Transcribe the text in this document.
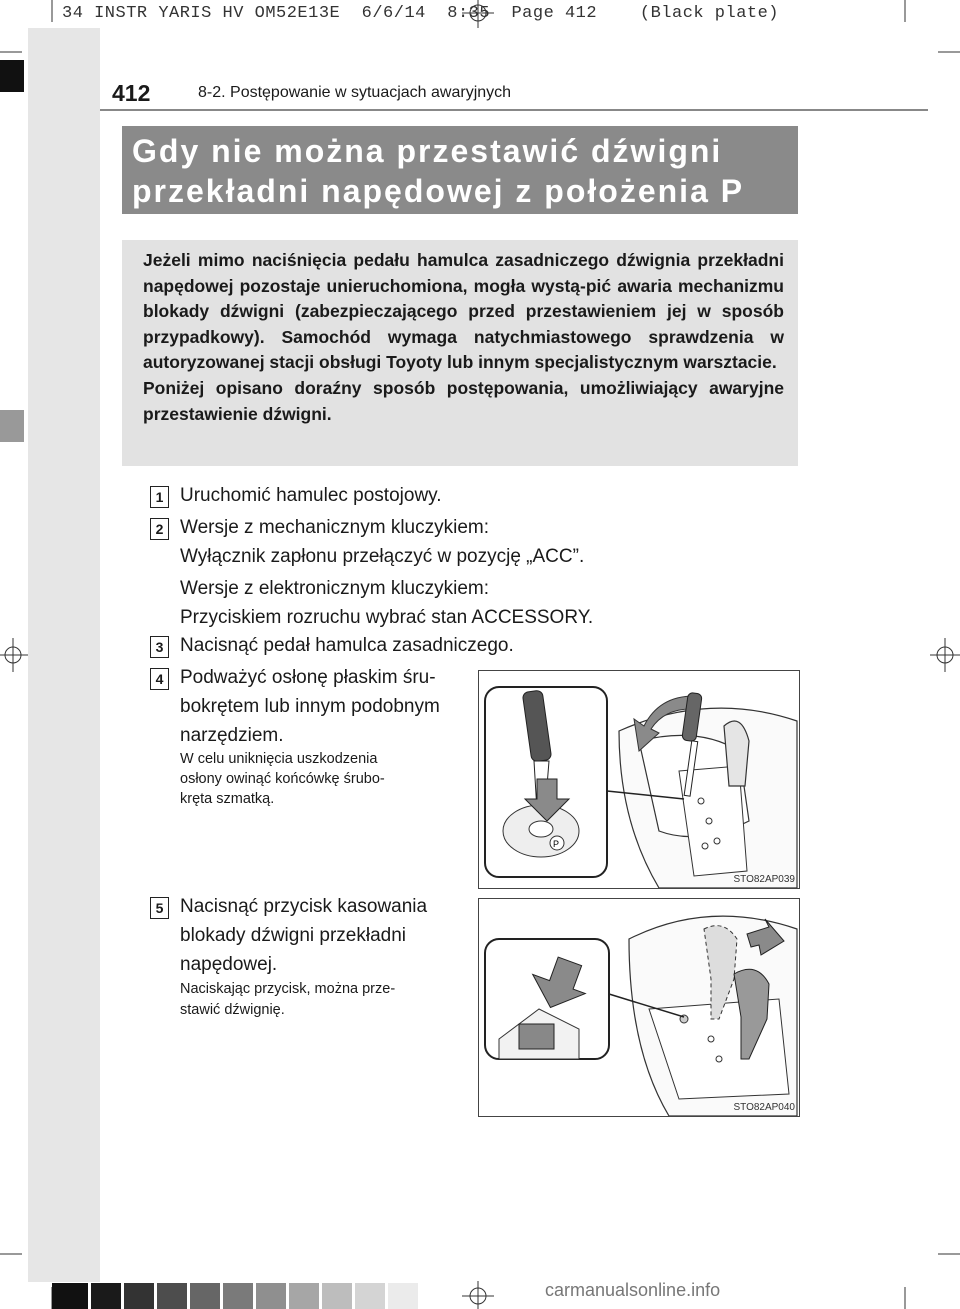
34 INSTR YARIS HV OM52E13E  6/6/14  8:35  Page 412    (Black plate)
412	8-2. Postępowanie w sytuacjach awaryjnych
Gdy nie można przestawić dźwigni
przekładni napędowej z położenia P

Jeżeli mimo naciśnięcia pedału hamulca zasadniczego dźwignia przekładni napędowej pozostaje unieruchomiona, mogła wystą-pić awaria mechanizmu blokady dźwigni (zabezpieczającego przed przestawieniem jej w sposób przypadkowy). Samochód wymaga natychmiastowego sprawdzenia w autoryzowanej stacji obsługi Toyoty lub innym specjalistycznym warsztacie.

Poniżej opisano doraźny sposób postępowania, umożliwiający awaryjne przestawienie dźwigni.

1 Uruchomić hamulec postojowy.
2 Wersje z mechanicznym kluczykiem:
Wyłącznik zapłonu przełączyć w pozycję „ACC”.
Wersje z elektronicznym kluczykiem:
Przyciskiem rozruchu wybrać stan ACCESSORY.
3 Nacisnąć pedał hamulca zasadniczego.
4 Podważyć osłonę płaskim śru-
bokrętem lub innym podobnym
narzędziem.
W celu uniknięcia uszkodzenia
osłony owinąć końcówkę śrubo-
kręta szmatką.
P
STO82AP039
5 Nacisnąć przycisk kasowania
blokady dźwigni przekładni
napędowej.
Naciskając przycisk, można prze-
stawić dźwignię.
STO82AP040
carmanualsonline.info
